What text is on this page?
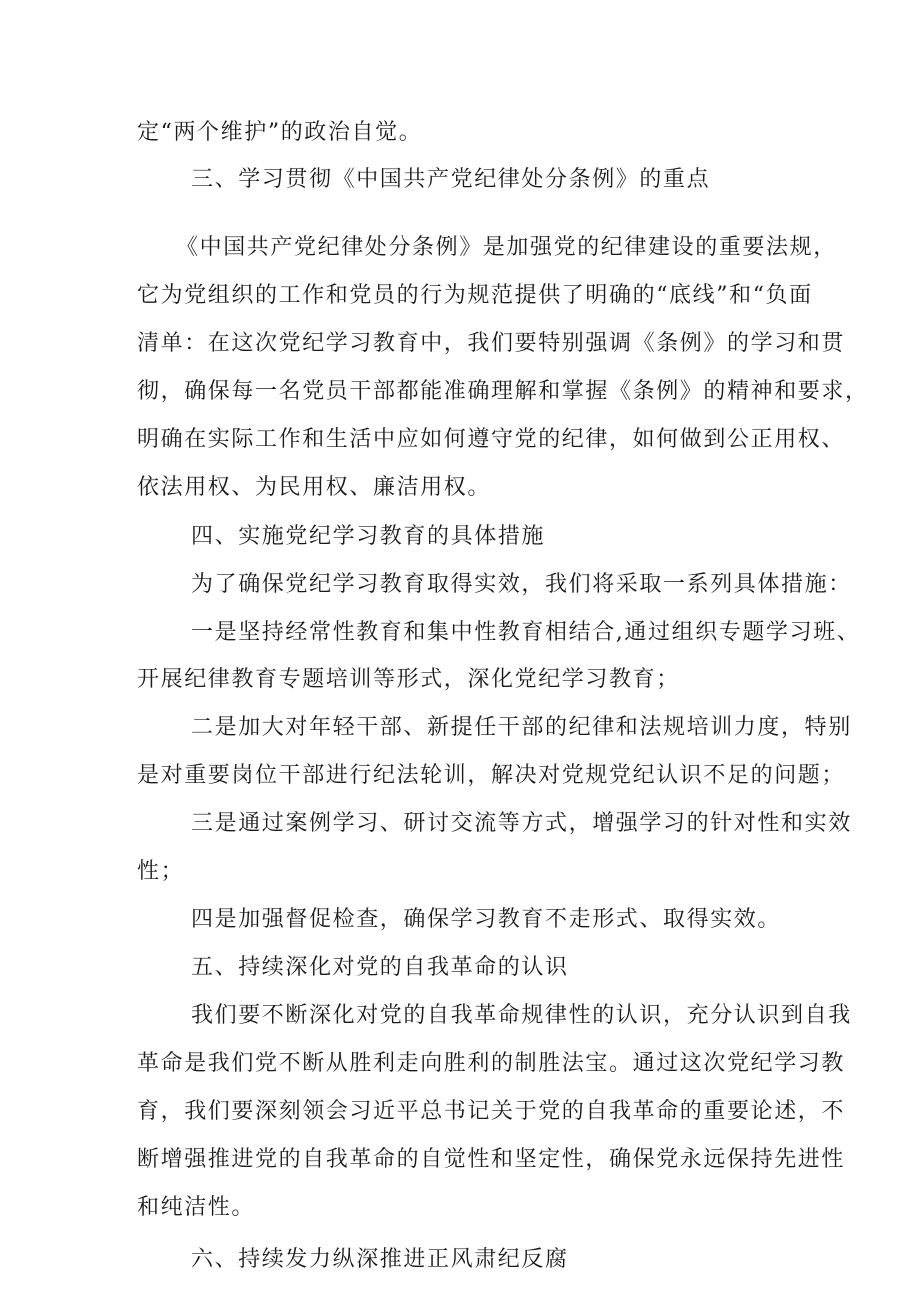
定“两个维护”的政治自觉。
三、学习贯彻《中国共产党纪律处分条例》的重点
《中国共产党纪律处分条例》是加强党的纪律建设的重要法规，
它为党组织的工作和党员的行为规范提供了明确的“底线”和“负面
清单：在这次党纪学习教育中，我们要特别强调《条例》的学习和贯
彻，确保每一名党员干部都能准确理解和掌握《条例》的精神和要求，
明确在实际工作和生活中应如何遵守党的纪律，如何做到公正用权、
依法用权、为民用权、廉洁用权。
四、实施党纪学习教育的具体措施
为了确保党纪学习教育取得实效，我们将采取一系列具体措施：
一是坚持经常性教育和集中性教育相结合,通过组织专题学习班、
开展纪律教育专题培训等形式，深化党纪学习教育；
二是加大对年轻干部、新提任干部的纪律和法规培训力度，特别
是对重要岗位干部进行纪法轮训，解决对党规党纪认识不足的问题；
三是通过案例学习、研讨交流等方式，增强学习的针对性和实效
性；
四是加强督促检查，确保学习教育不走形式、取得实效。
五、持续深化对党的自我革命的认识
我们要不断深化对党的自我革命规律性的认识，充分认识到自我
革命是我们党不断从胜利走向胜利的制胜法宝。通过这次党纪学习教
育，我们要深刻领会习近平总书记关于党的自我革命的重要论述，不
断增强推进党的自我革命的自觉性和坚定性，确保党永远保持先进性
和纯洁性。
六、持续发力纵深推进正风肃纪反腐
